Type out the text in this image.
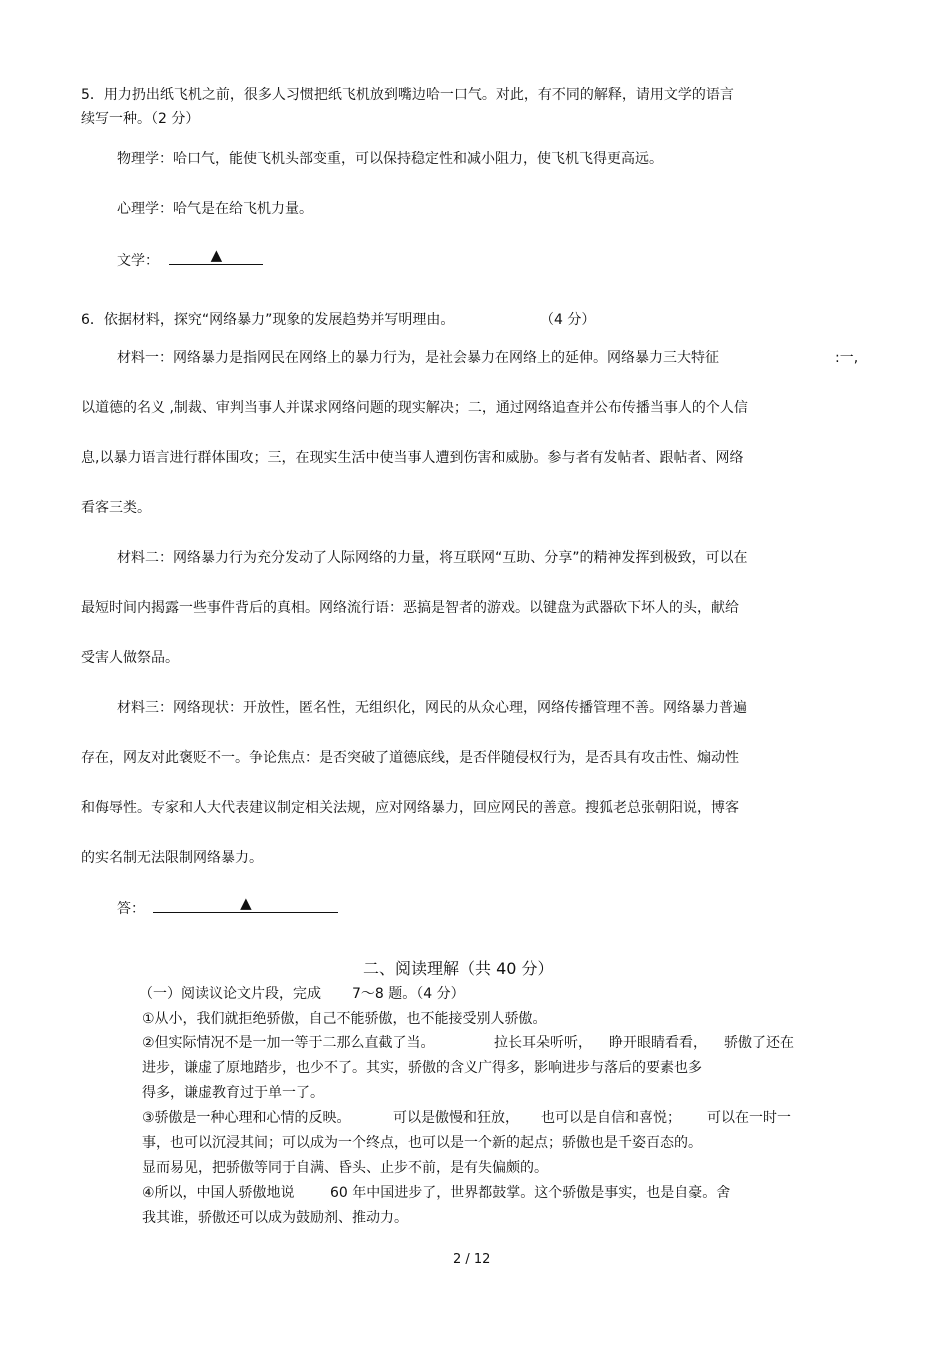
5．用力扔出纸飞机之前，很多人习惯把纸飞机放到嘴边哈一口气。对此，有不同的解释，请用文学的语言
续写一种。（2 分）
物理学：哈口气，能使飞机头部变重，可以保持稳定性和减小阻力，使飞机飞得更高远。
心理学：哈气是在给飞机力量。
文学：	▲
6．依据材料，探究“网络暴力”现象的发展趋势并写明理由。	（4 分）
材料一：网络暴力是指网民在网络上的暴力行为，是社会暴力在网络上的延伸。网络暴力三大特征	:一,
以道德的名义 ,制裁、审判当事人并谋求网络问题的现实解决；二，通过网络追查并公布传播当事人的个人信
息,以暴力语言进行群体围攻；三，在现实生活中使当事人遭到伤害和威胁。参与者有发帖者、跟帖者、网络
看客三类。
材料二：网络暴力行为充分发动了人际网络的力量，将互联网“互助、分享”的精神发挥到极致，可以在
最短时间内揭露一些事件背后的真相。网络流行语：恶搞是智者的游戏。以键盘为武器砍下坏人的头，献给
受害人做祭品。
材料三：网络现状：开放性，匿名性，无组织化，网民的从众心理，网络传播管理不善。网络暴力普遍
存在，网友对此褒贬不一。争论焦点：是否突破了道德底线，是否伴随侵权行为，是否具有攻击性、煽动性
和侮辱性。专家和人大代表建议制定相关法规，应对网络暴力，回应网民的善意。搜狐老总张朝阳说，博客
的实名制无法限制网络暴力。
答：	▲
二、阅读理解（共 40 分）
（一）阅读议论文片段，完成 7～8 题。（4 分）
①从小，我们就拒绝骄傲，自己不能骄傲，也不能接受别人骄傲。
②但实际情况不是一加一等于二那么直截了当。	拉长耳朵听听， 睁开眼睛看看， 骄傲了还在
进步，谦虚了原地踏步，也少不了。其实，骄傲的含义广得多，影响进步与落后的要素也多
得多，谦虚教育过于单一了。
③骄傲是一种心理和心情的反映。	可以是傲慢和狂放， 也可以是自信和喜悦； 可以在一时一
事，也可以沉浸其间；可以成为一个终点，也可以是一个新的起点；骄傲也是千姿百态的。
显而易见，把骄傲等同于自满、昏头、止步不前，是有失偏颇的。
④所以，中国人骄傲地说	60 年中国进步了，世界都鼓掌。这个骄傲是事实，也是自豪。舍
我其谁，骄傲还可以成为鼓励剂、推动力。
2 / 12
